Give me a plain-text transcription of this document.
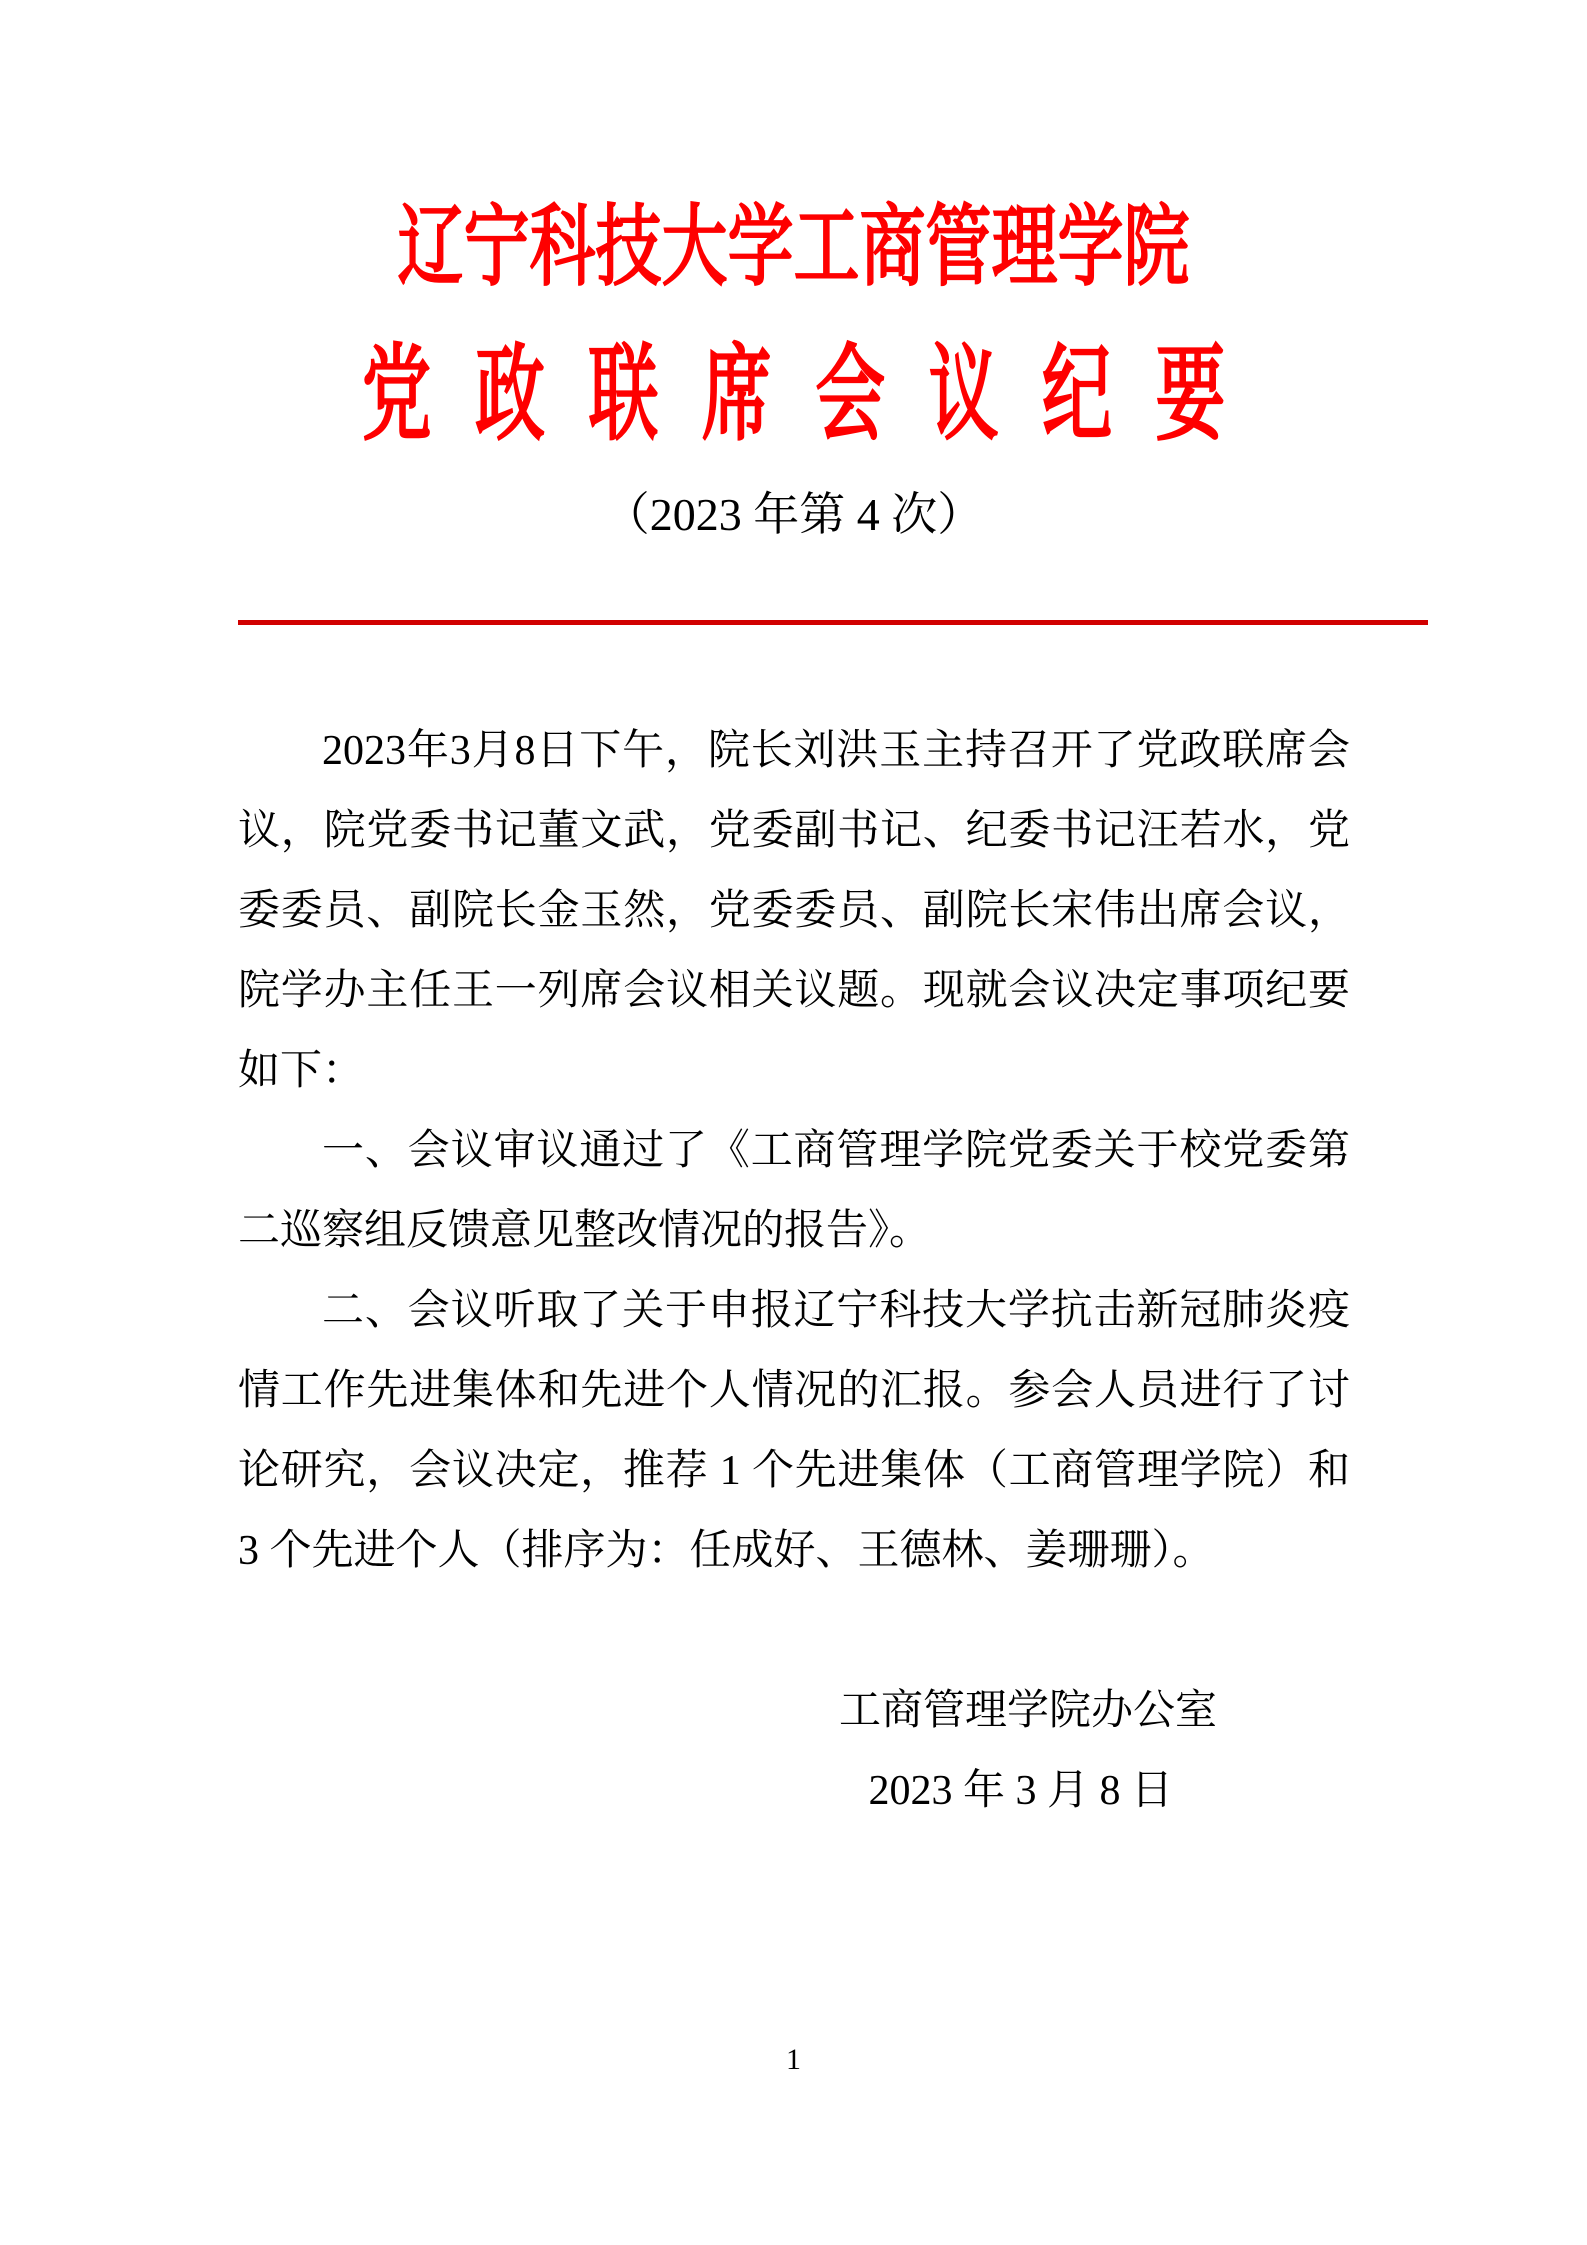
辽宁科技大学工商管理学院
党政联席会议纪要
（2023 年第 4 次）

2023年3月8日下午，院长刘洪玉主持召开了党政联席会议，院党委书记董文武，党委副书记、纪委书记汪若水，党委委员、副院长金玉然，党委委员、副院长宋伟出席会议，院学办主任王一列席会议相关议题。现就会议决定事项纪要如下：

一、会议审议通过了《工商管理学院党委关于校党委第二巡察组反馈意见整改情况的报告》。

二、会议听取了关于申报辽宁科技大学抗击新冠肺炎疫情工作先进集体和先进个人情况的汇报。参会人员进行了讨论研究，会议决定，推荐 1 个先进集体（工商管理学院）和 3 个先进个人（排序为：任成好、王德林、姜珊珊）。

工商管理学院办公室
2023 年 3 月 8 日
1
